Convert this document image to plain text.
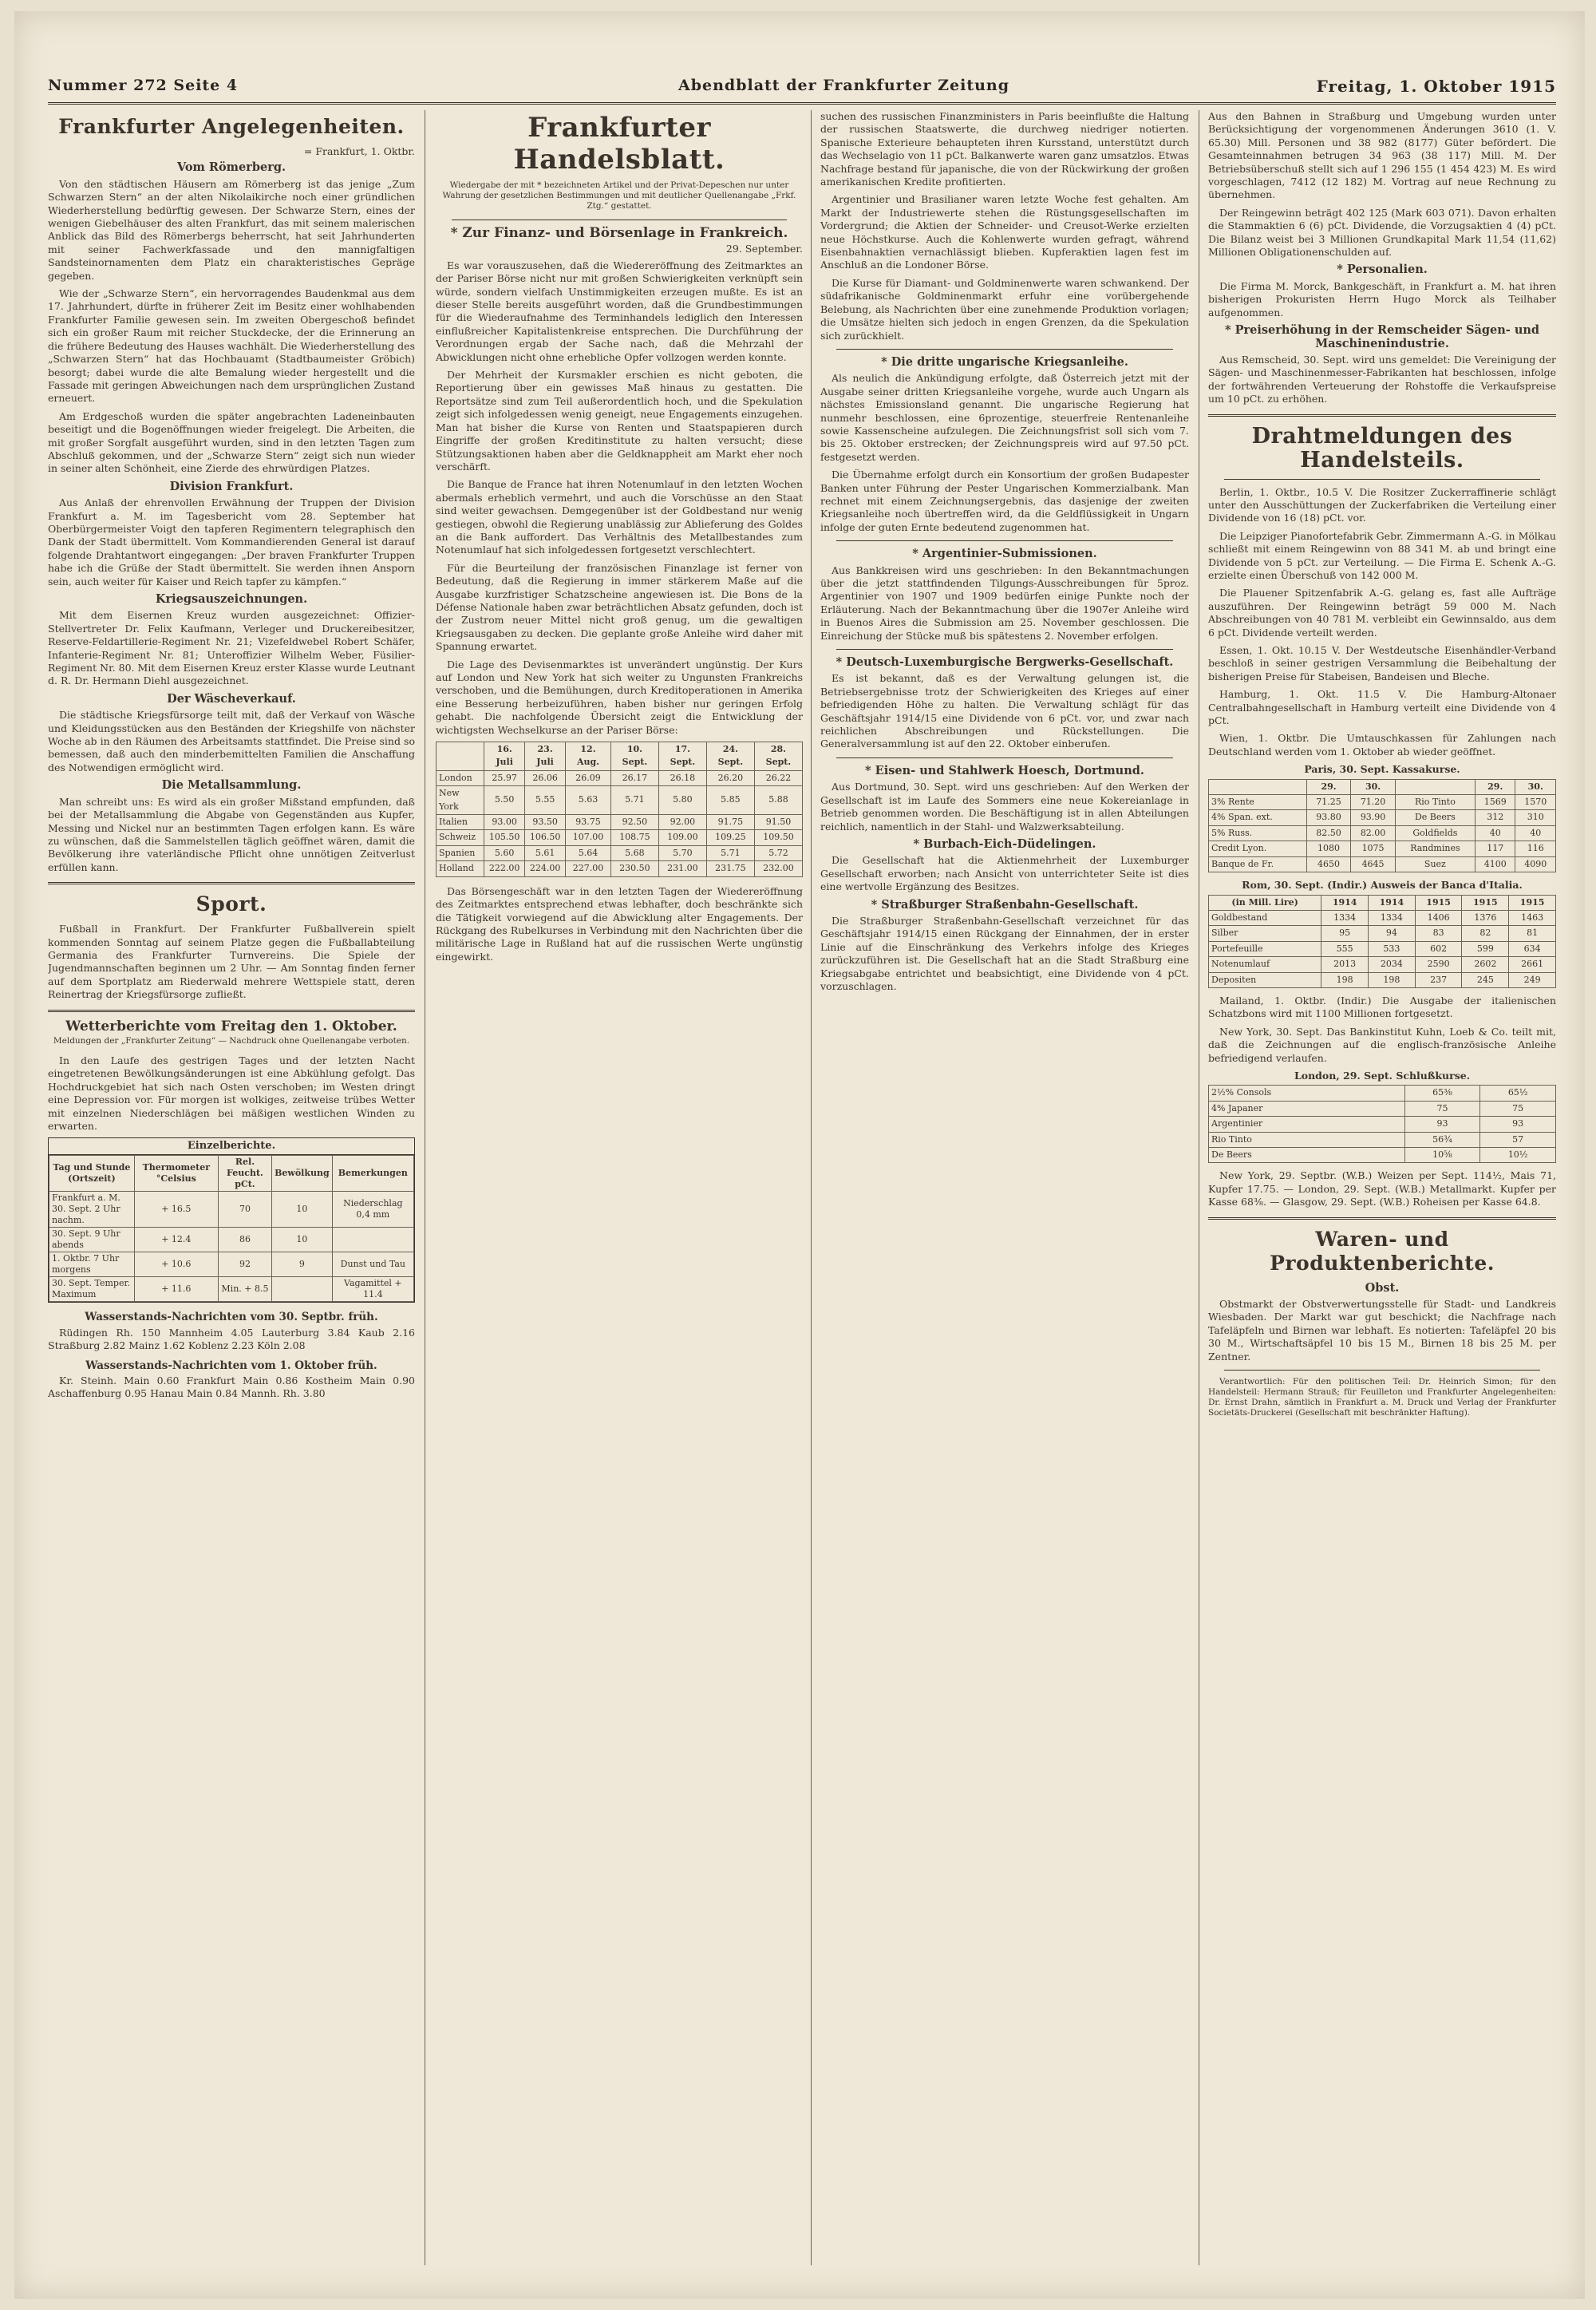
Nummer 272 Seite 4	Abendblatt der Frankfurter Zeitung	Freitag, 1. Oktober 1915
Frankfurter Angelegenheiten.
= Frankfurt, 1. Oktbr.
Vom Römerberg.

Von den städtischen Häusern am Römerberg ist das jenige „Zum Schwarzen Stern“ an der alten Nikolaikirche noch einer gründlichen Wiederherstellung bedürftig gewesen. Der Schwarze Stern, eines der wenigen Giebelhäuser des alten Frankfurt, das mit seinem malerischen Anblick das Bild des Römerbergs beherrscht, hat seit Jahrhunderten mit seiner Fachwerkfassade und den mannigfaltigen Sandsteinornamenten dem Platz ein charakteristisches Gepräge gegeben.

Wie der „Schwarze Stern“, ein hervorragendes Baudenkmal aus dem 17. Jahrhundert, dürfte in früherer Zeit im Besitz einer wohlhabenden Frankfurter Familie gewesen sein. Im zweiten Obergeschoß befindet sich ein großer Raum mit reicher Stuckdecke, der die Erinnerung an die frühere Bedeutung des Hauses wachhält. Die Wiederherstellung des „Schwarzen Stern“ hat das Hochbauamt (Stadtbaumeister Gröbich) besorgt; dabei wurde die alte Bemalung wieder hergestellt und die Fassade mit geringen Abweichungen nach dem ursprünglichen Zustand erneuert.

Am Erdgeschoß wurden die später angebrachten Ladeneinbauten beseitigt und die Bogenöffnungen wieder freigelegt. Die Arbeiten, die mit großer Sorgfalt ausgeführt wurden, sind in den letzten Tagen zum Abschluß gekommen, und der „Schwarze Stern“ zeigt sich nun wieder in seiner alten Schönheit, eine Zierde des ehrwürdigen Platzes.

Division Frankfurt.

Aus Anlaß der ehrenvollen Erwähnung der Truppen der Division Frankfurt a. M. im Tagesbericht vom 28. September hat Oberbürgermeister Voigt den tapferen Regimentern telegraphisch den Dank der Stadt übermittelt. Vom Kommandierenden General ist darauf folgende Drahtantwort eingegangen: „Der braven Frankfurter Truppen habe ich die Grüße der Stadt übermittelt. Sie werden ihnen Ansporn sein, auch weiter für Kaiser und Reich tapfer zu kämpfen.“

Kriegsauszeichnungen.

Mit dem Eisernen Kreuz wurden ausgezeichnet: Offizier-Stellvertreter Dr. Felix Kaufmann, Verleger und Druckereibesitzer, Reserve-Feldartillerie-Regiment Nr. 21; Vizefeldwebel Robert Schäfer, Infanterie-Regiment Nr. 81; Unteroffizier Wilhelm Weber, Füsilier-Regiment Nr. 80. Mit dem Eisernen Kreuz erster Klasse wurde Leutnant d. R. Dr. Hermann Diehl ausgezeichnet.

Der Wäscheverkauf.

Die städtische Kriegsfürsorge teilt mit, daß der Verkauf von Wäsche und Kleidungsstücken aus den Beständen der Kriegshilfe von nächster Woche ab in den Räumen des Arbeitsamts stattfindet. Die Preise sind so bemessen, daß auch den minderbemittelten Familien die Anschaffung des Notwendigen ermöglicht wird.

Die Metallsammlung.

Man schreibt uns: Es wird als ein großer Mißstand empfunden, daß bei der Metallsammlung die Abgabe von Gegenständen aus Kupfer, Messing und Nickel nur an bestimmten Tagen erfolgen kann. Es wäre zu wünschen, daß die Sammelstellen täglich geöffnet wären, damit die Bevölkerung ihre vaterländische Pflicht ohne unnötigen Zeitverlust erfüllen kann.

Sport.

Fußball in Frankfurt. Der Frankfurter Fußballverein spielt kommenden Sonntag auf seinem Platze gegen die Fußballabteilung Germania des Frankfurter Turnvereins. Die Spiele der Jugendmannschaften beginnen um 2 Uhr. — Am Sonntag finden ferner auf dem Sportplatz am Riederwald mehrere Wettspiele statt, deren Reinertrag der Kriegsfürsorge zufließt.

Wetterberichte vom Freitag den 1. Oktober.
Meldungen der „Frankfurter Zeitung“ — Nachdruck ohne Quellenangabe verboten.

In den Laufe des gestrigen Tages und der letzten Nacht eingetretenen Bewölkungsänderungen ist eine Abkühlung gefolgt. Das Hochdruckgebiet hat sich nach Osten verschoben; im Westen dringt eine Depression vor. Für morgen ist wolkiges, zeitweise trübes Wetter mit einzelnen Niederschlägen bei mäßigen westlichen Winden zu erwarten.

Einzelberichte.
Tag und Stunde (Ortszeit)	Thermometer °Celsius	Rel. Feucht. pCt.	Bewölkung	Bemerkungen
Frankfurt a. M. 30. Sept. 2 Uhr nachm.	+ 16.5	70	10	Niederschlag 0,4 mm
30. Sept. 9 Uhr abends	+ 12.4	86	10	
1. Oktbr. 7 Uhr morgens	+ 10.6	92	9	Dunst und Tau
30. Sept. Temper. Maximum	+ 11.6	Min. + 8.5		Vagamittel + 11.4
Wasserstands-Nachrichten vom 30. Septbr. früh.

Rüdingen Rh. 150 Mannheim 4.05 Lauterburg 3.84 Kaub 2.16 Straßburg 2.82 Mainz 1.62 Koblenz 2.23 Köln 2.08

Wasserstands-Nachrichten vom 1. Oktober früh.

Kr. Steinh. Main 0.60 Frankfurt Main 0.86 Kostheim Main 0.90 Aschaffenburg 0.95 Hanau Main 0.84 Mannh. Rh. 3.80

Frankfurter Handelsblatt.
Wiedergabe der mit * bezeichneten Artikel und der Privat-Depeschen nur unter Wahrung der gesetzlichen Bestimmungen und mit deutlicher Quellenangabe „Frkf. Ztg.“ gestattet.
* Zur Finanz- und Börsenlage in Frankreich.
29. September.

Es war vorauszusehen, daß die Wiedereröffnung des Zeitmarktes an der Pariser Börse nicht nur mit großen Schwierigkeiten verknüpft sein würde, sondern vielfach Unstimmigkeiten erzeugen mußte. Es ist an dieser Stelle bereits ausgeführt worden, daß die Grundbestimmungen für die Wiederaufnahme des Terminhandels lediglich den Interessen einflußreicher Kapitalistenkreise entsprechen. Die Durchführung der Verordnungen ergab der Sache nach, daß die Mehrzahl der Abwicklungen nicht ohne erhebliche Opfer vollzogen werden konnte.

Der Mehrheit der Kursmakler erschien es nicht geboten, die Reportierung über ein gewisses Maß hinaus zu gestatten. Die Reportsätze sind zum Teil außerordentlich hoch, und die Spekulation zeigt sich infolgedessen wenig geneigt, neue Engagements einzugehen. Man hat bisher die Kurse von Renten und Staatspapieren durch Eingriffe der großen Kreditinstitute zu halten versucht; diese Stützungsaktionen haben aber die Geldknappheit am Markt eher noch verschärft.

Die Banque de France hat ihren Notenumlauf in den letzten Wochen abermals erheblich vermehrt, und auch die Vorschüsse an den Staat sind weiter gewachsen. Demgegenüber ist der Goldbestand nur wenig gestiegen, obwohl die Regierung unablässig zur Ablieferung des Goldes an die Bank auffordert. Das Verhältnis des Metallbestandes zum Notenumlauf hat sich infolgedessen fortgesetzt verschlechtert.

Für die Beurteilung der französischen Finanzlage ist ferner von Bedeutung, daß die Regierung in immer stärkerem Maße auf die Ausgabe kurzfristiger Schatzscheine angewiesen ist. Die Bons de la Défense Nationale haben zwar beträchtlichen Absatz gefunden, doch ist der Zustrom neuer Mittel nicht groß genug, um die gewaltigen Kriegsausgaben zu decken. Die geplante große Anleihe wird daher mit Spannung erwartet.

Die Lage des Devisenmarktes ist unverändert ungünstig. Der Kurs auf London und New York hat sich weiter zu Ungunsten Frankreichs verschoben, und die Bemühungen, durch Kreditoperationen in Amerika eine Besserung herbeizuführen, haben bisher nur geringen Erfolg gehabt. Die nachfolgende Übersicht zeigt die Entwicklung der wichtigsten Wechselkurse an der Pariser Börse:

	16. Juli	23. Juli	12. Aug.	10. Sept.	17. Sept.	24. Sept.	28. Sept.
London	25.97	26.06	26.09	26.17	26.18	26.20	26.22
New York	5.50	5.55	5.63	5.71	5.80	5.85	5.88
Italien	93.00	93.50	93.75	92.50	92.00	91.75	91.50
Schweiz	105.50	106.50	107.00	108.75	109.00	109.25	109.50
Spanien	5.60	5.61	5.64	5.68	5.70	5.71	5.72
Holland	222.00	224.00	227.00	230.50	231.00	231.75	232.00

Das Börsengeschäft war in den letzten Tagen der Wiedereröffnung des Zeitmarktes entsprechend etwas lebhafter, doch beschränkte sich die Tätigkeit vorwiegend auf die Abwicklung alter Engagements. Der Rückgang des Rubelkurses in Verbindung mit den Nachrichten über die militärische Lage in Rußland hat auf die russischen Werte ungünstig eingewirkt.

suchen des russischen Finanzministers in Paris beeinflußte die Haltung der russischen Staatswerte, die durchweg niedriger notierten. Spanische Exterieure behaupteten ihren Kursstand, unterstützt durch das Wechselagio von 11 pCt. Balkanwerte waren ganz umsatzlos. Etwas Nachfrage bestand für japanische, die von der Rückwirkung der großen amerikanischen Kredite profitierten.

Argentinier und Brasilianer waren letzte Woche fest gehalten. Am Markt der Industriewerte stehen die Rüstungsgesellschaften im Vordergrund; die Aktien der Schneider- und Creusot-Werke erzielten neue Höchstkurse. Auch die Kohlenwerte wurden gefragt, während Eisenbahnaktien vernachlässigt blieben. Kupferaktien lagen fest im Anschluß an die Londoner Börse.

Die Kurse für Diamant- und Goldminenwerte waren schwankend. Der südafrikanische Goldminenmarkt erfuhr eine vorübergehende Belebung, als Nachrichten über eine zunehmende Produktion vorlagen; die Umsätze hielten sich jedoch in engen Grenzen, da die Spekulation sich zurückhielt.

* Die dritte ungarische Kriegsanleihe.

Als neulich die Ankündigung erfolgte, daß Österreich jetzt mit der Ausgabe seiner dritten Kriegsanleihe vorgehe, wurde auch Ungarn als nächstes Emissionsland genannt. Die ungarische Regierung hat nunmehr beschlossen, eine 6prozentige, steuerfreie Rentenanleihe sowie Kassenscheine aufzulegen. Die Zeichnungsfrist soll sich vom 7. bis 25. Oktober erstrecken; der Zeichnungspreis wird auf 97.50 pCt. festgesetzt werden.

Die Übernahme erfolgt durch ein Konsortium der großen Budapester Banken unter Führung der Pester Ungarischen Kommerzialbank. Man rechnet mit einem Zeichnungsergebnis, das dasjenige der zweiten Kriegsanleihe noch übertreffen wird, da die Geldflüssigkeit in Ungarn infolge der guten Ernte bedeutend zugenommen hat.

* Argentinier-Submissionen.

Aus Bankkreisen wird uns geschrieben: In den Bekanntmachungen über die jetzt stattfindenden Tilgungs-Ausschreibungen für 5proz. Argentinier von 1907 und 1909 bedürfen einige Punkte noch der Erläuterung. Nach der Bekanntmachung über die 1907er Anleihe wird in Buenos Aires die Submission am 25. November geschlossen. Die Einreichung der Stücke muß bis spätestens 2. November erfolgen.

* Deutsch-Luxemburgische Bergwerks-Gesellschaft.

Es ist bekannt, daß es der Verwaltung gelungen ist, die Betriebsergebnisse trotz der Schwierigkeiten des Krieges auf einer befriedigenden Höhe zu halten. Die Verwaltung schlägt für das Geschäftsjahr 1914/15 eine Dividende von 6 pCt. vor, und zwar nach reichlichen Abschreibungen und Rückstellungen. Die Generalversammlung ist auf den 22. Oktober einberufen.

* Eisen- und Stahlwerk Hoesch, Dortmund.

Aus Dortmund, 30. Sept. wird uns geschrieben: Auf den Werken der Gesellschaft ist im Laufe des Sommers eine neue Kokereianlage in Betrieb genommen worden. Die Beschäftigung ist in allen Abteilungen reichlich, namentlich in der Stahl- und Walzwerksabteilung.

* Burbach-Eich-Düdelingen.

Die Gesellschaft hat die Aktienmehrheit der Luxemburger Gesellschaft erworben; nach Ansicht von unterrichteter Seite ist dies eine wertvolle Ergänzung des Besitzes.

* Straßburger Straßenbahn-Gesellschaft.

Die Straßburger Straßenbahn-Gesellschaft verzeichnet für das Geschäftsjahr 1914/15 einen Rückgang der Einnahmen, der in erster Linie auf die Einschränkung des Verkehrs infolge des Krieges zurückzuführen ist. Die Gesellschaft hat an die Stadt Straßburg eine Kriegsabgabe entrichtet und beabsichtigt, eine Dividende von 4 pCt. vorzuschlagen.

Aus den Bahnen in Straßburg und Umgebung wurden unter Berücksichtigung der vorgenommenen Änderungen 3610 (1. V. 65.30) Mill. Personen und 38 982 (8177) Güter befördert. Die Gesamteinnahmen betrugen 34 963 (38 117) Mill. M. Der Betriebsüberschuß stellt sich auf 1 296 155 (1 454 423) M. Es wird vorgeschlagen, 7412 (12 182) M. Vortrag auf neue Rechnung zu übernehmen.

Der Reingewinn beträgt 402 125 (Mark 603 071). Davon erhalten die Stammaktien 6 (6) pCt. Dividende, die Vorzugsaktien 4 (4) pCt. Die Bilanz weist bei 3 Millionen Grundkapital Mark 11,54 (11,62) Millionen Obligationenschulden auf.

* Personalien.

Die Firma M. Morck, Bankgeschäft, in Frankfurt a. M. hat ihren bisherigen Prokuristen Herrn Hugo Morck als Teilhaber aufgenommen.

* Preiserhöhung in der Remscheider Sägen- und Maschinenindustrie.

Aus Remscheid, 30. Sept. wird uns gemeldet: Die Vereinigung der Sägen- und Maschinenmesser-Fabrikanten hat beschlossen, infolge der fortwährenden Verteuerung der Rohstoffe die Verkaufspreise um 10 pCt. zu erhöhen.

Drahtmeldungen des Handelsteils.

Berlin, 1. Oktbr., 10.5 V. Die Rositzer Zuckerraffinerie schlägt unter den Ausschüttungen der Zuckerfabriken die Verteilung einer Dividende von 16 (18) pCt. vor.

Die Leipziger Pianofortefabrik Gebr. Zimmermann A.-G. in Mölkau schließt mit einem Reingewinn von 88 341 M. ab und bringt eine Dividende von 5 pCt. zur Verteilung. — Die Firma E. Schenk A.-G. erzielte einen Überschuß von 142 000 M.

Die Plauener Spitzenfabrik A.-G. gelang es, fast alle Aufträge auszuführen. Der Reingewinn beträgt 59 000 M. Nach Abschreibungen von 40 781 M. verbleibt ein Gewinnsaldo, aus dem 6 pCt. Dividende verteilt werden.

Essen, 1. Okt. 10.15 V. Der Westdeutsche Eisenhändler-Verband beschloß in seiner gestrigen Versammlung die Beibehaltung der bisherigen Preise für Stabeisen, Bandeisen und Bleche.

Hamburg, 1. Okt. 11.5 V. Die Hamburg-Altonaer Centralbahngesellschaft in Hamburg verteilt eine Dividende von 4 pCt.

Wien, 1. Oktbr. Die Umtauschkassen für Zahlungen nach Deutschland werden vom 1. Oktober ab wieder geöffnet.

Paris, 30. Sept. Kassakurse.
	29.	30.		29.	30.
3% Rente	71.25	71.20	Rio Tinto	1569	1570
4% Span. ext.	93.80	93.90	De Beers	312	310
5% Russ.	82.50	82.00	Goldfields	40	40
Credit Lyon.	1080	1075	Randmines	117	116
Banque de Fr.	4650	4645	Suez	4100	4090
Rom, 30. Sept. (Indir.) Ausweis der Banca d'Italia.
(in Mill. Lire)	1914	1914	1915	1915	1915
Goldbestand	1334	1334	1406	1376	1463
Silber	95	94	83	82	81
Portefeuille	555	533	602	599	634
Notenumlauf	2013	2034	2590	2602	2661
Depositen	198	198	237	245	249

Mailand, 1. Oktbr. (Indir.) Die Ausgabe der italienischen Schatzbons wird mit 1100 Millionen fortgesetzt.

New York, 30. Sept. Das Bankinstitut Kuhn, Loeb & Co. teilt mit, daß die Zeichnungen auf die englisch-französische Anleihe befriedigend verlaufen.

London, 29. Sept. Schlußkurse.
2½% Consols	65⅜	65½
4% Japaner	75	75
Argentinier	93	93
Rio Tinto	56¾	57
De Beers	10⅝	10½

New York, 29. Septbr. (W.B.) Weizen per Sept. 114½, Mais 71, Kupfer 17.75. — London, 29. Sept. (W.B.) Metallmarkt. Kupfer per Kasse 68⅜. — Glasgow, 29. Sept. (W.B.) Roheisen per Kasse 64.8.

Waren- und Produktenberichte.
Obst.

Obstmarkt der Obstverwertungsstelle für Stadt- und Landkreis Wiesbaden. Der Markt war gut beschickt; die Nachfrage nach Tafeläpfeln und Birnen war lebhaft. Es notierten: Tafeläpfel 20 bis 30 M., Wirtschaftsäpfel 10 bis 15 M., Birnen 18 bis 25 M. per Zentner.

Verantwortlich: Für den politischen Teil: Dr. Heinrich Simon; für den Handelsteil: Hermann Strauß; für Feuilleton und Frankfurter Angelegenheiten: Dr. Ernst Drahn, sämtlich in Frankfurt a. M. Druck und Verlag der Frankfurter Societäts-Druckerei (Gesellschaft mit beschränkter Haftung).
